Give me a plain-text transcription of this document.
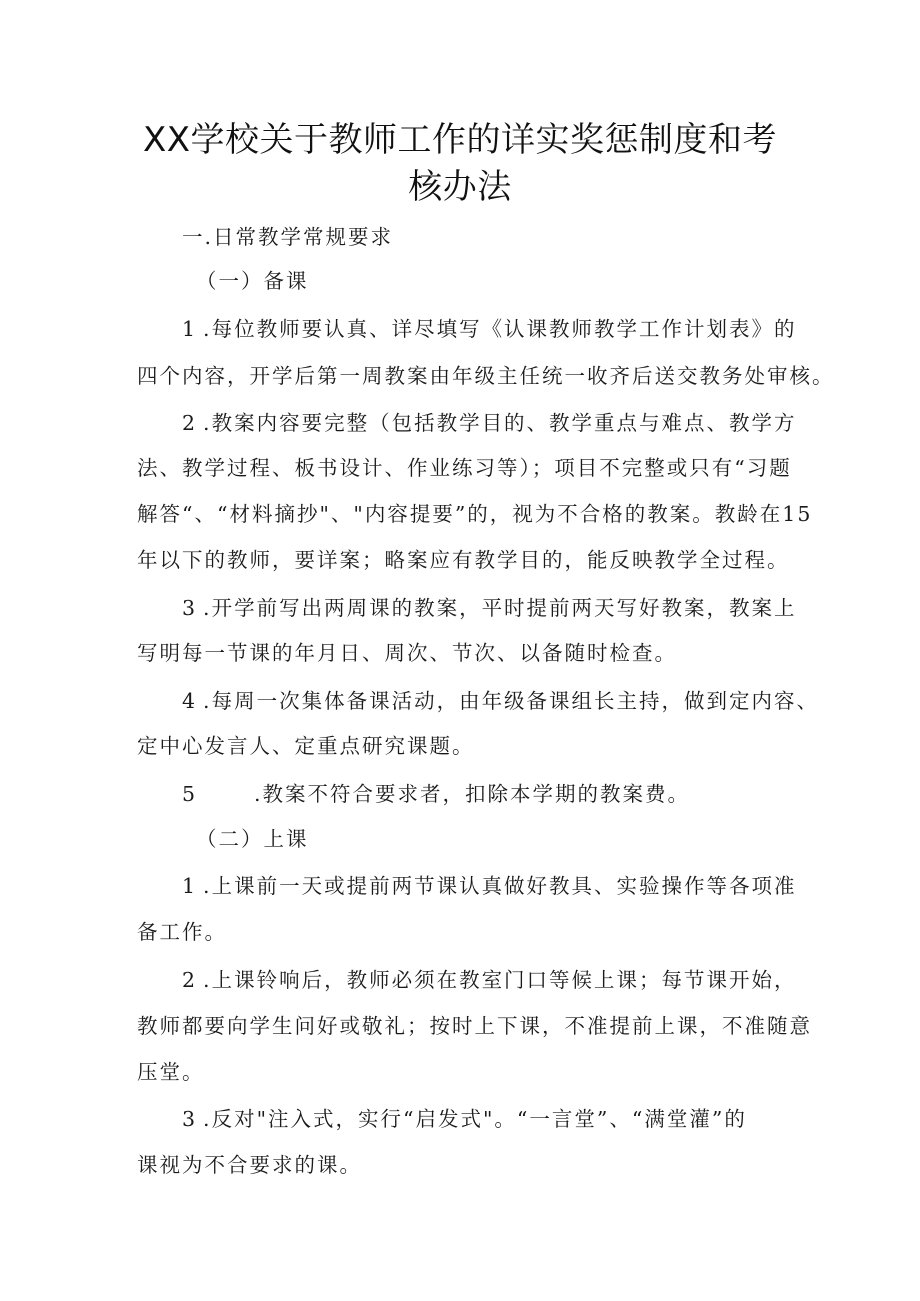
XX学校关于教师工作的详实奖惩制度和考
核办法
一.日常教学常规要求
（一）备课
1 .每位教师要认真、详尽填写《认课教师教学工作计划表》的
四个内容，开学后第一周教案由年级主任统一收齐后送交教务处审核。
2 .教案内容要完整（包括教学目的、教学重点与难点、教学方
法、教学过程、板书设计、作业练习等）；项目不完整或只有“习题
解答“、“材料摘抄"、"内容提要”的，视为不合格的教案。教龄在15
年以下的教师，要详案；略案应有教学目的，能反映教学全过程。
3 .开学前写出两周课的教案，平时提前两天写好教案，教案上
写明每一节课的年月日、周次、节次、以备随时检查。
4 .每周一次集体备课活动，由年级备课组长主持，做到定内容、
定中心发言人、定重点研究课题。
5	.教案不符合要求者，扣除本学期的教案费。
（二）上课
1 .上课前一天或提前两节课认真做好教具、实验操作等各项准
备工作。
2 .上课铃响后，教师必须在教室门口等候上课；每节课开始，
教师都要向学生问好或敬礼；按时上下课，不准提前上课，不准随意
压堂。
3 .反对"注入式，实行“启发式"。“一言堂”、“满堂灌”的
课视为不合要求的课。
